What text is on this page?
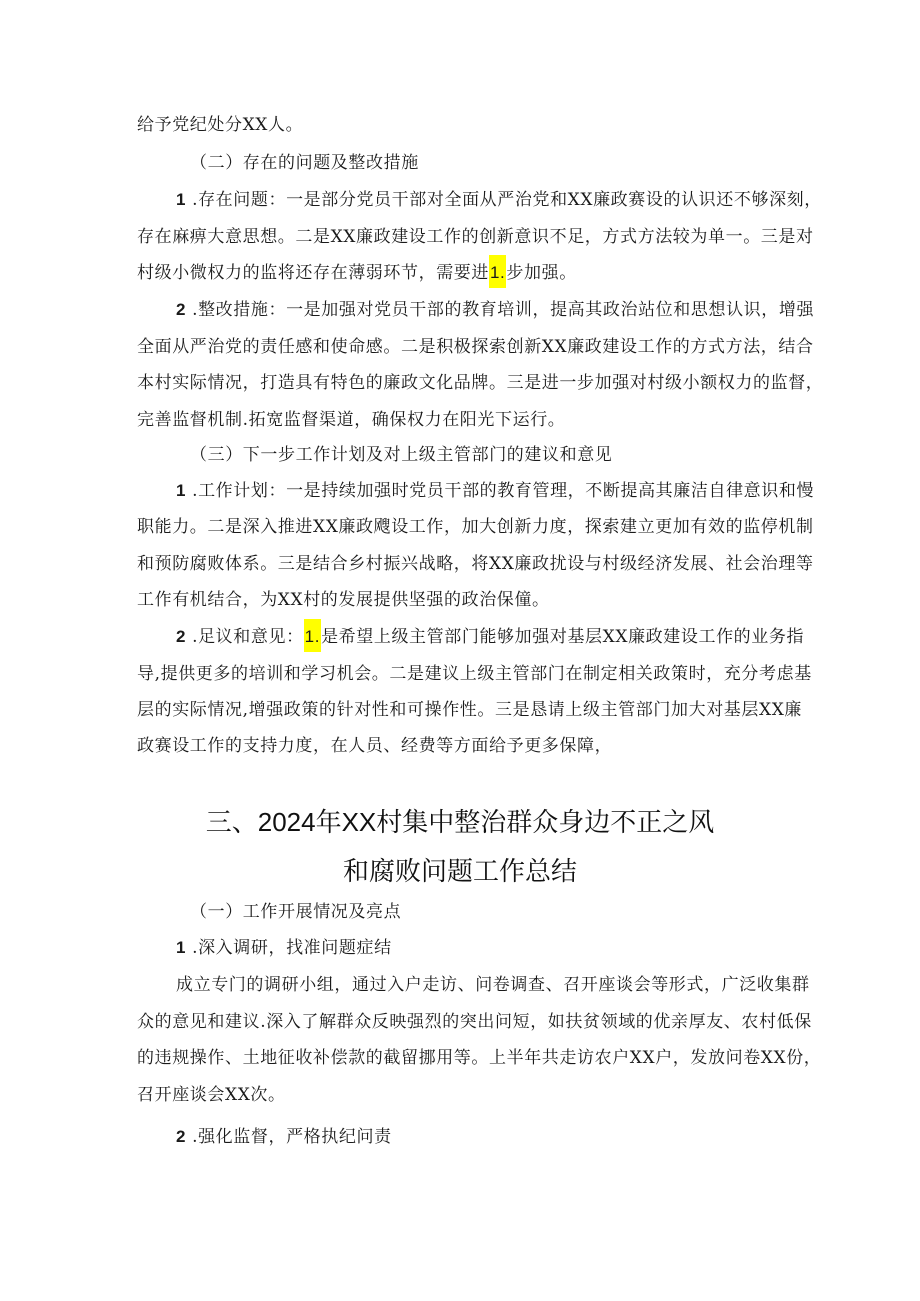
给予党纪处分XX人。
（二）存在的问题及整改措施
1 .存在问题：一是部分党员干部对全面从严治党和XX廉政赛设的认识还不够深刻，
存在麻痹大意思想。二是XX廉政建设工作的创新意识不足，方式方法较为单一。三是对
村级小微权力的监将还存在薄弱环节，需要进1.步加强。
2 .整改措施：一是加强对党员干部的教育培训，提高其政治站位和思想认识，增强
全面从严治党的责任感和使命感。二是积极探索创新XX廉政建设工作的方式方法，结合
本村实际情况，打造具有特色的廉政文化品牌。三是进一步加强对村级小额权力的监督，
完善监督机制.拓宽监督渠道，确保权力在阳光下运行。
（三）下一步工作计划及对上级主管部门的建议和意见
1 .工作计划：一是持续加强时党员干部的教育管理，不断提高其廉洁自律意识和慢
职能力。二是深入推进XX廉政飕设工作，加大创新力度，探索建立更加有效的监停机制
和预防腐败体系。三是结合乡村振兴战略，将XX廉政扰设与村级经济发展、社会治理等
工作有机结合，为XX村的发展提供坚强的政治保僮。
2 .足议和意见：1.是希望上级主管部门能够加强对基层XX廉政建设工作的业务指
导,提供更多的培训和学习机会。二是建议上级主管部门在制定相关政策时，充分考虑基
层的实际情况,增强政策的针对性和可操作性。三是恳请上级主管部门加大对基层XX廉
政赛设工作的支持力度，在人员、经费等方面给予更多保障，
三、2024年XX村集中整治群众身边不正之风
和腐败问题工作总结
（一）工作开展情况及亮点
1 .深入调研，找准问题症结
成立专门的调研小组，通过入户走访、问卷调查、召开座谈会等形式，广泛收集群
众的意见和建议.深入了解群众反映强烈的突出问短，如扶贫领域的优亲厚友、农村低保
的违规操作、土地征收补偿款的截留挪用等。上半年共走访农户XX户，发放问卷XX份，
召开座谈会XX次。
2 .强化监督，严格执纪问责
